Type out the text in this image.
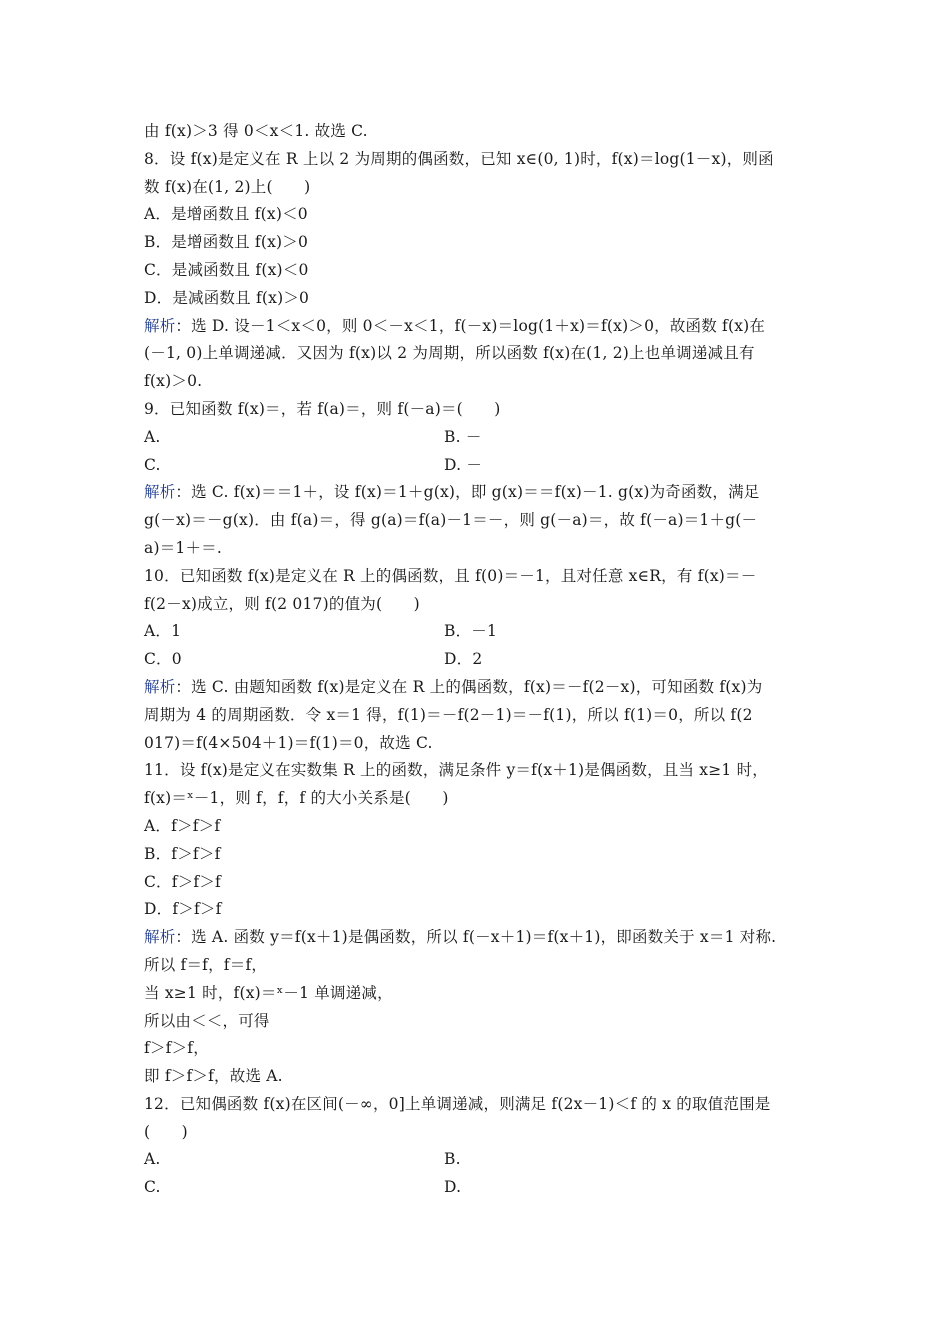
由 f(x)＞3 得 0＜x＜1. 故选 C.
8．设 f(x)是定义在 R 上以 2 为周期的偶函数，已知 x∈(0, 1)时，f(x)＝log(1－x)，则函
数 f(x)在(1, 2)上(　　)
A．是增函数且 f(x)＜0
B．是增函数且 f(x)＞0
C．是减函数且 f(x)＜0
D．是减函数且 f(x)＞0
解析：选 D. 设－1＜x＜0，则 0＜－x＜1，f(－x)＝log(1＋x)＝f(x)＞0，故函数 f(x)在
(－1, 0)上单调递减．又因为 f(x)以 2 为周期，所以函数 f(x)在(1, 2)上也单调递减且有
f(x)＞0.
9．已知函数 f(x)＝，若 f(a)＝，则 f(－a)＝(　　)
A.	B. －
C.	D. －
解析：选 C. f(x)＝＝1＋，设 f(x)＝1＋g(x)，即 g(x)＝＝f(x)－1. g(x)为奇函数，满足
g(－x)＝－g(x)．由 f(a)＝，得 g(a)＝f(a)－1＝－，则 g(－a)＝，故 f(－a)＝1＋g(－
a)＝1＋＝.
10．已知函数 f(x)是定义在 R 上的偶函数，且 f(0)＝－1，且对任意 x∈R，有 f(x)＝－
f(2－x)成立，则 f(2 017)的值为(　　)
A．1	B．－1
C．0	D．2
解析：选 C. 由题知函数 f(x)是定义在 R 上的偶函数，f(x)＝－f(2－x)，可知函数 f(x)为
周期为 4 的周期函数．令 x＝1 得，f(1)＝－f(2－1)＝－f(1)，所以 f(1)＝0，所以 f(2
017)＝f(4×504＋1)＝f(1)＝0，故选 C.
11．设 f(x)是定义在实数集 R 上的函数，满足条件 y＝f(x＋1)是偶函数，且当 x≥1 时，
f(x)＝ˣ－1，则 f，f，f 的大小关系是(　　)
A．f＞f＞f
B．f＞f＞f
C．f＞f＞f
D．f＞f＞f
解析：选 A. 函数 y＝f(x＋1)是偶函数，所以 f(－x＋1)＝f(x＋1)，即函数关于 x＝1 对称.
所以 f＝f，f＝f，
当 x≥1 时，f(x)＝ˣ－1 单调递减，
所以由＜＜，可得
f＞f＞f，
即 f＞f＞f，故选 A.
12．已知偶函数 f(x)在区间(－∞，0]上单调递减，则满足 f(2x－1)＜f 的 x 的取值范围是
(　　)
A.	B.
C.	D.
